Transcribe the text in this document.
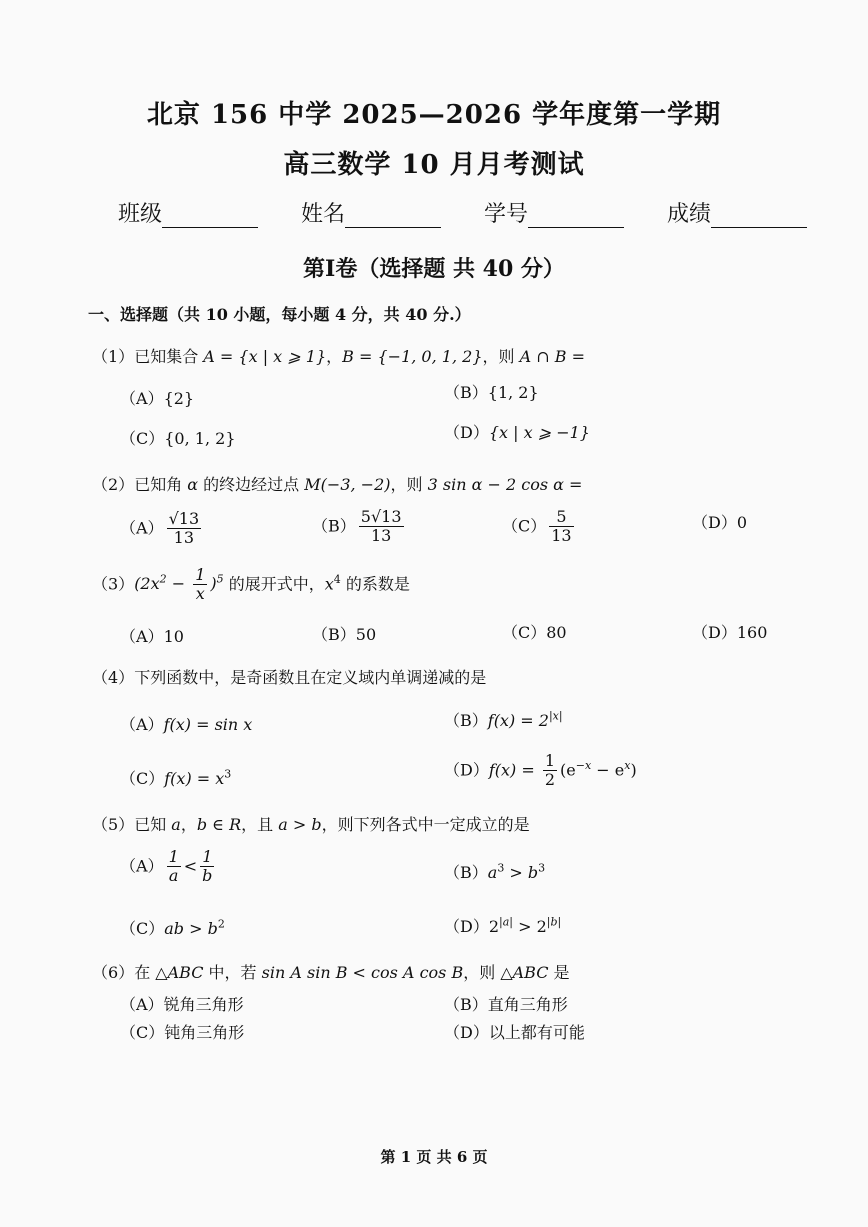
北京 156 中学 2025—2026 学年度第一学期
高三数学 10 月月考测试
班级	姓名	学号	成绩
第Ⅰ卷（选择题 共 40 分）
一、选择题（共 10 小题，每小题 4 分，共 40 分.）
（1）已知集合 A = {x | x ⩾ 1}，B = {−1, 0, 1, 2}，则 A ∩ B =
（A）{2}	（B）{1, 2}
（C）{0, 1, 2}	（D）{x | x ⩾ −1}
（2）已知角 α 的终边经过点 M(−3, −2)，则 3 sin α − 2 cos α =
$(A) \frac{√13}{13}$	$(B) \frac{5√13}{13}$	$(C) \frac{5}{13}$	（D）0
$(3)(2x^2 - \frac{1}{x} )^5$ 的展开式中，$x^4$ 的系数是
（A）10	（B）50	（C）80	（D）160
（4）下列函数中，是奇函数且在定义域内单调递减的是
（A）f(x) = sin x	$(B)f(x) = 2^{|x|}$
$(C)f(x) = x^3$	$(D)f(x) = \frac{1}{2} (e^{-x} - e^x)$
（5）已知 a，b ∈ R，且 a > b，则下列各式中一定成立的是
$(A) \frac{1}{a} < \frac{1}{b}$	$(B)a^3 > b^3$
$(C)ab > b^2$	$(D)2^{|a|} > 2^{|b|}$
（6）在 △ABC 中，若 sin A sin B < cos A cos B，则 △ABC 是
（A）锐角三角形	（B）直角三角形
（C）钝角三角形	（D）以上都有可能
第 1 页 共 6 页
